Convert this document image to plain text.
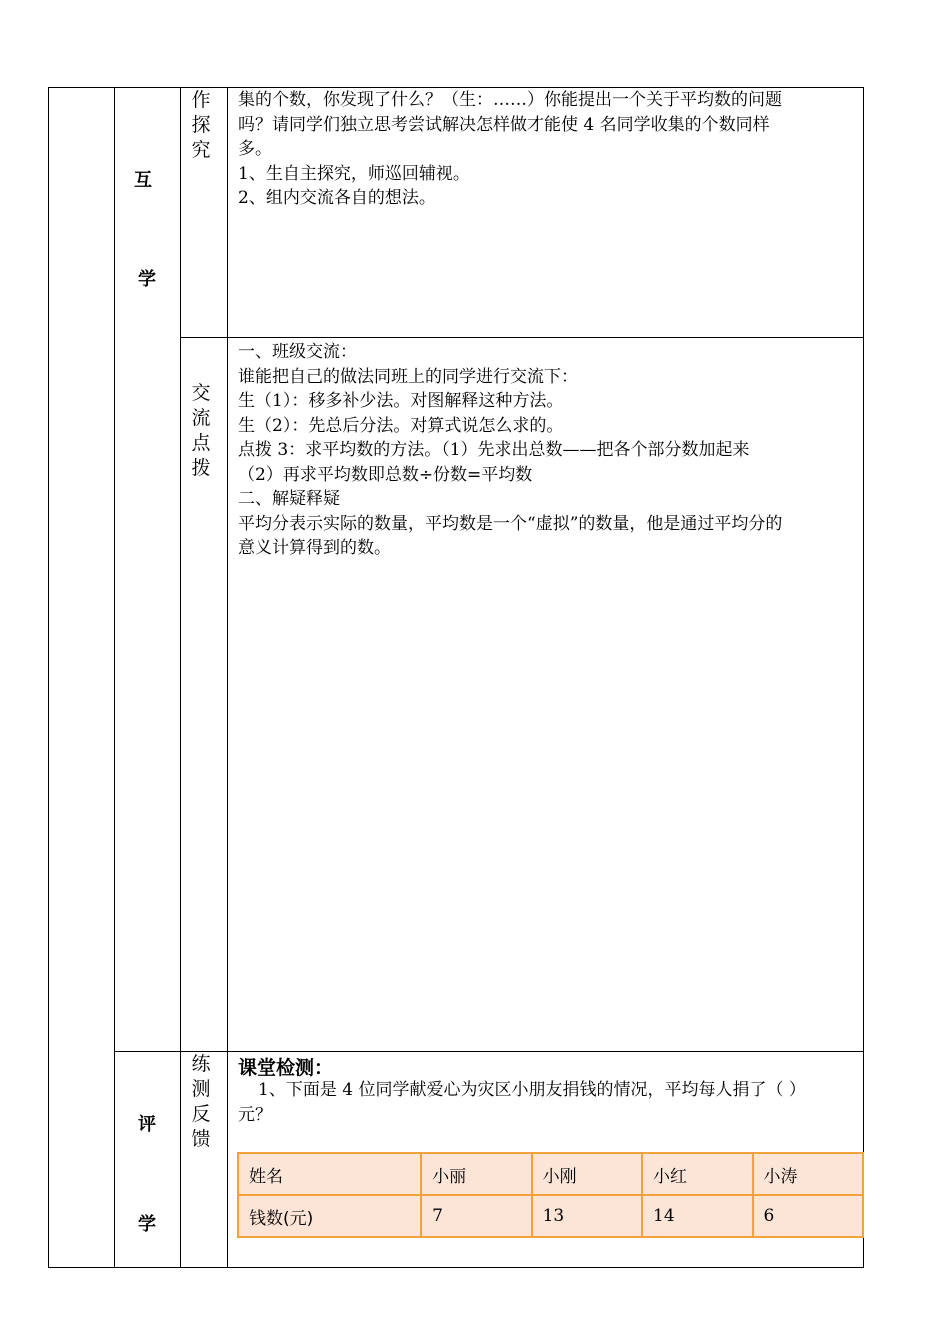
互
学
评
学
作探究
交流点拨
练测反馈
集的个数，你发现了什么？（生：……）你能提出一个关于平均数的问题
吗？请同学们独立思考尝试解决怎样做才能使 4 名同学收集的个数同样
多。
1、生自主探究，师巡回辅视。
2、组内交流各自的想法。
一、班级交流：
谁能把自己的做法同班上的同学进行交流下：
生（1）：移多补少法。对图解释这种方法。
生（2）：先总后分法。对算式说怎么求的。
点拨 3：求平均数的方法。（1）先求出总数——把各个部分数加起来
（2）再求平均数即总数÷份数=平均数
二、解疑释疑
平均分表示实际的数量，平均数是一个“虚拟”的数量，他是通过平均分的
意义计算得到的数。
课堂检测：
1、下面是 4 位同学献爱心为灾区小朋友捐钱的情况，平均每人捐了（ ）
元？
姓名	小丽	小刚	小红	小涛
钱数(元)	7	13	14	6
